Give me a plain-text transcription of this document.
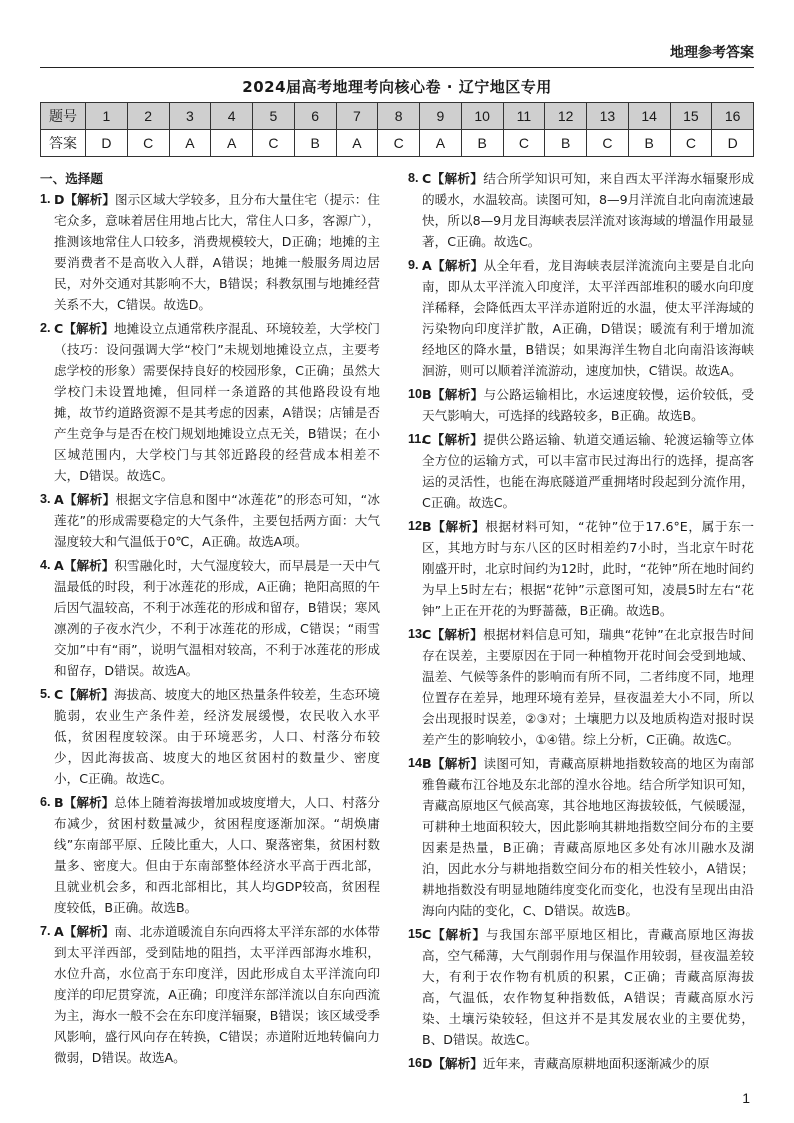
地理参考答案
2024届高考地理考向核心卷 · 辽宁地区专用
题号	1	2	3	4	5	6	7	8	9	10	11	12	13	14	15	16
答案	D	C	A	A	C	B	A	C	A	B	C	B	C	B	C	D
一、选择题
1. D【解析】图示区域大学较多，且分布大量住宅（提示：住宅众多，意味着居住用地占比大，常住人口多，客源广），推测该地常住人口较多，消费规模较大，D正确；地摊的主要消费者不是高收入人群，A错误；地摊一般服务周边居民，对外交通对其影响不大，B错误；科教氛围与地摊经营关系不大，C错误。故选D。
2. C【解析】地摊设立点通常秩序混乱、环境较差，大学校门（技巧：设问强调大学“校门”未规划地摊设立点，主要考虑学校的形象）需要保持良好的校园形象，C正确；虽然大学校门未设置地摊，但同样一条道路的其他路段设有地摊，故节约道路资源不是其考虑的因素，A错误；店铺是否产生竞争与是否在校门规划地摊设立点无关，B错误；在小区城范围内，大学校门与其邻近路段的经营成本相差不大，D错误。故选C。
3. A【解析】根据文字信息和图中“冰莲花”的形态可知，“冰莲花”的形成需要稳定的大气条件，主要包括两方面：大气湿度较大和气温低于0℃，A正确。故选A项。
4. A【解析】积雪融化时，大气湿度较大，而早晨是一天中气温最低的时段，利于冰莲花的形成，A正确；艳阳高照的午后因气温较高，不利于冰莲花的形成和留存，B错误；寒风凛冽的子夜水汽少，不利于冰莲花的形成，C错误；“雨雪交加”中有“雨”，说明气温相对较高，不利于冰莲花的形成和留存，D错误。故选A。
5. C【解析】海拔高、坡度大的地区热量条件较差，生态环境脆弱，农业生产条件差，经济发展缓慢，农民收入水平低，贫困程度较深。由于环境恶劣，人口、村落分布较少，因此海拔高、坡度大的地区贫困村的数量少、密度小，C正确。故选C。
6. B【解析】总体上随着海拔增加或坡度增大，人口、村落分布减少，贫困村数量减少，贫困程度逐渐加深。“胡焕庸线”东南部平原、丘陵比重大，人口、聚落密集，贫困村数量多、密度大。但由于东南部整体经济水平高于西北部，且就业机会多，和西北部相比，其人均GDP较高，贫困程度较低，B正确。故选B。
7. A【解析】南、北赤道暖流自东向西将太平洋东部的水体带到太平洋西部，受到陆地的阻挡，太平洋西部海水堆积，水位升高，水位高于东印度洋，因此形成自太平洋流向印度洋的印尼贯穿流，A正确；印度洋东部洋流以自东向西流为主，海水一般不会在东印度洋辐聚，B错误；该区域受季风影响，盛行风向存在转换，C错误；赤道附近地转偏向力微弱，D错误。故选A。
8. C【解析】结合所学知识可知，来自西太平洋海水辐聚形成的暖水，水温较高。读图可知，8—9月洋流自北向南流速最快，所以8—9月龙目海峡表层洋流对该海域的增温作用最显著，C正确。故选C。
9. A【解析】从全年看，龙目海峡表层洋流流向主要是自北向南，即从太平洋流入印度洋，太平洋西部堆积的暖水向印度洋稀释，会降低西太平洋赤道附近的水温，使太平洋海域的污染物向印度洋扩散，A正确，D错误；暖流有利于增加流经地区的降水量，B错误；如果海洋生物自北向南沿该海峡洄游，则可以顺着洋流游动，速度加快，C错误。故选A。
10.
B【解析】与公路运输相比，水运速度较慢，运价较低，受天气影响大，可选择的线路较多，B正确。故选B。
11.
C【解析】提供公路运输、轨道交通运输、轮渡运输等立体全方位的运输方式，可以丰富市民过海出行的选择，提高客运的灵活性，也能在海底隧道严重拥堵时段起到分流作用，C正确。故选C。
12.
B【解析】根据材料可知，“花钟”位于17.6°E，属于东一区，其地方时与东八区的区时相差约7小时，当北京午时花刚盛开时，北京时间约为12时，此时，“花钟”所在地时间约为早上5时左右；根据“花钟”示意图可知，凌晨5时左右“花钟”上正在开花的为野蔷薇，B正确。故选B。
13.
C【解析】根据材料信息可知，瑞典“花钟”在北京报告时间存在误差，主要原因在于同一种植物开花时间会受到地域、温差、气候等条件的影响而有所不同，二者纬度不同，地理位置存在差异，地理环境有差异，昼夜温差大小不同，所以会出现报时误差，②③对；土壤肥力以及地质构造对报时误差产生的影响较小，①④错。综上分析，C正确。故选C。
14.
B【解析】读图可知，青藏高原耕地指数较高的地区为南部雅鲁藏布江谷地及东北部的湟水谷地。结合所学知识可知，青藏高原地区气候高寒，其谷地地区海拔较低，气候暖湿，可耕种土地面积较大，因此影响其耕地指数空间分布的主要因素是热量，B正确；青藏高原地区多处有冰川融水及湖泊，因此水分与耕地指数空间分布的相关性较小，A错误；耕地指数没有明显地随纬度变化而变化，也没有呈现出由沿海向内陆的变化，C、D错误。故选B。
15.
C【解析】与我国东部平原地区相比，青藏高原地区海拔高，空气稀薄，大气削弱作用与保温作用较弱，昼夜温差较大，有利于农作物有机质的积累，C正确；青藏高原海拔高，气温低，农作物复种指数低，A错误；青藏高原水污染、土壤污染较轻，但这并不是其发展农业的主要优势，B、D错误。故选C。
16.
D【解析】近年来，青藏高原耕地面积逐渐减少的原
1
